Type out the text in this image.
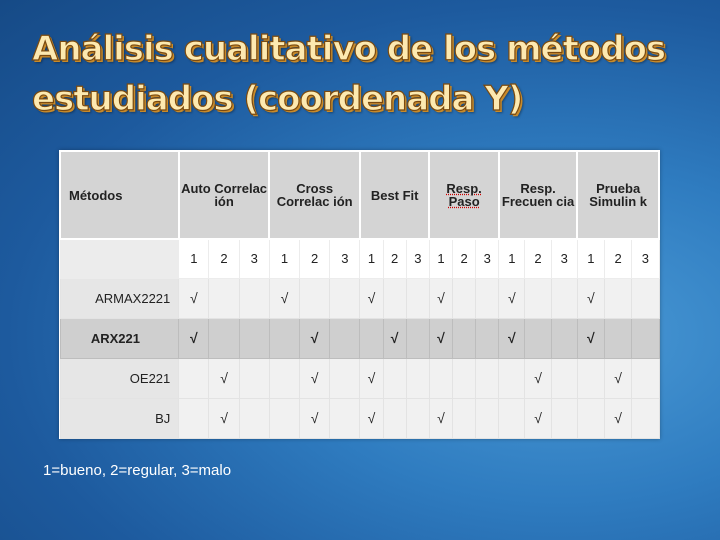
Análisis cualitativo de los métodos
estudiados (coordenada Y)
Métodos	Auto Correlac ión			Cross Correlac ión			Best Fit			Resp. Paso			Resp. Frecuen cia			Prueba Simulin k		
	1	2	3	1	2	3	1	2	3	1	2	3	1	2	3	1	2	3
ARMAX2221	√			√			√			√			√			√		
ARX221	√				√			√		√			√			√		
OE221		√			√		√							√			√	
BJ		√			√		√			√				√			√	
1=bueno, 2=regular, 3=malo
